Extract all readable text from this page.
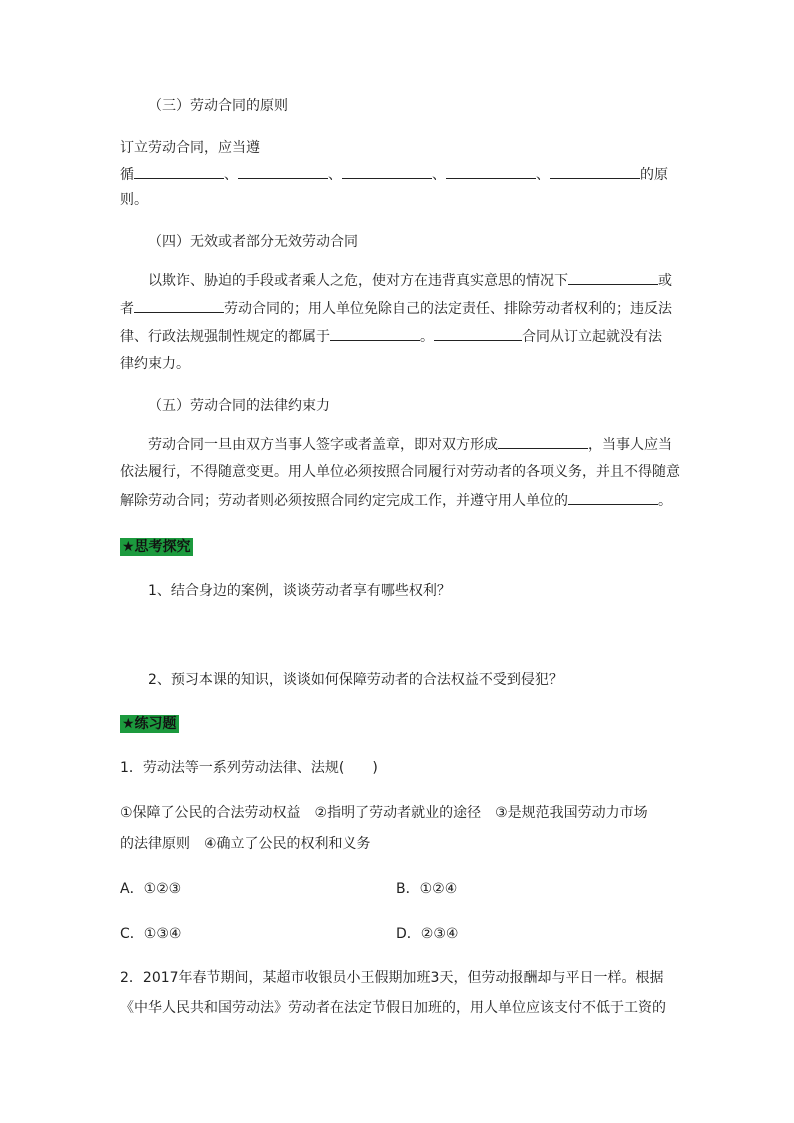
（三）劳动合同的原则
订立劳动合同，应当遵
循	、	、	、	、	的原
则。
（四）无效或者部分无效劳动合同
以欺诈、胁迫的手段或者乘人之危，使对方在违背真实意思的情况下	或
者	劳动合同的；用人单位免除自己的法定责任、排除劳动者权利的；违反法
律、行政法规强制性规定的都属于	。	合同从订立起就没有法
律约束力。
（五）劳动合同的法律约束力
劳动合同一旦由双方当事人签字或者盖章，即对双方形成	，当事人应当
依法履行，不得随意变更。用人单位必须按照合同履行对劳动者的各项义务，并且不得随意
解除劳动合同；劳动者则必须按照合同约定完成工作，并遵守用人单位的	。
★思考探究
1、结合身边的案例，谈谈劳动者享有哪些权利？
2、预习本课的知识，谈谈如何保障劳动者的合法权益不受到侵犯？
★练习题
1．劳动法等一系列劳动法律、法规(　　)
①保障了公民的合法劳动权益　②指明了劳动者就业的途径　③是规范我国劳动力市场
的法律原则　④确立了公民的权利和义务
A．①②③	B．①②④
C．①③④	D．②③④
2．2017年春节期间，某超市收银员小王假期加班3天，但劳动报酬却与平日一样。根据
《中华人民共和国劳动法》劳动者在法定节假日加班的，用人单位应该支付不低于工资的
